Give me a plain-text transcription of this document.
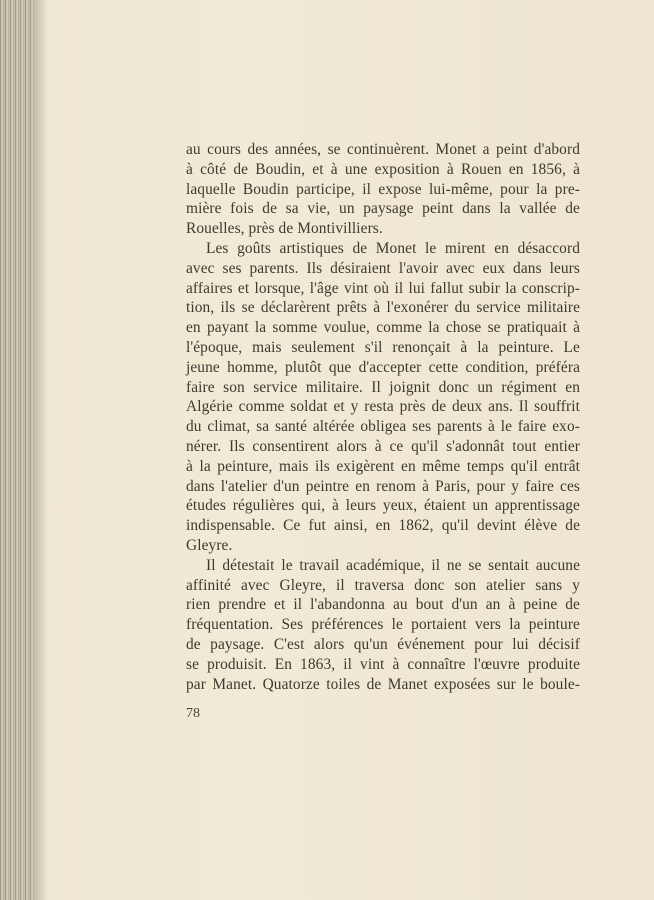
au cours des années, se continuèrent. Monet a peint d'abord
à côté de Boudin, et à une exposition à Rouen en 1856, à
laquelle Boudin participe, il expose lui-même, pour la pre-
mière fois de sa vie, un paysage peint dans la vallée de
Rouelles, près de Montivilliers.
Les goûts artistiques de Monet le mirent en désaccord
avec ses parents. Ils désiraient l'avoir avec eux dans leurs
affaires et lorsque, l'âge vint où il lui fallut subir la conscrip-
tion, ils se déclarèrent prêts à l'exonérer du service militaire
en payant la somme voulue, comme la chose se pratiquait à
l'époque, mais seulement s'il renonçait à la peinture. Le
jeune homme, plutôt que d'accepter cette condition, préféra
faire son service militaire. Il joignit donc un régiment en
Algérie comme soldat et y resta près de deux ans. Il souffrit
du climat, sa santé altérée obligea ses parents à le faire exo-
nérer. Ils consentirent alors à ce qu'il s'adonnât tout entier
à la peinture, mais ils exigèrent en même temps qu'il entrât
dans l'atelier d'un peintre en renom à Paris, pour y faire ces
études régulières qui, à leurs yeux, étaient un apprentissage
indispensable. Ce fut ainsi, en 1862, qu'il devint élève de
Gleyre.
Il détestait le travail académique, il ne se sentait aucune
affinité avec Gleyre, il traversa donc son atelier sans y
rien prendre et il l'abandonna au bout d'un an à peine de
fréquentation. Ses préférences le portaient vers la peinture
de paysage. C'est alors qu'un événement pour lui décisif
se produisit. En 1863, il vint à connaître l'œuvre produite
par Manet. Quatorze toiles de Manet exposées sur le boule-
78
